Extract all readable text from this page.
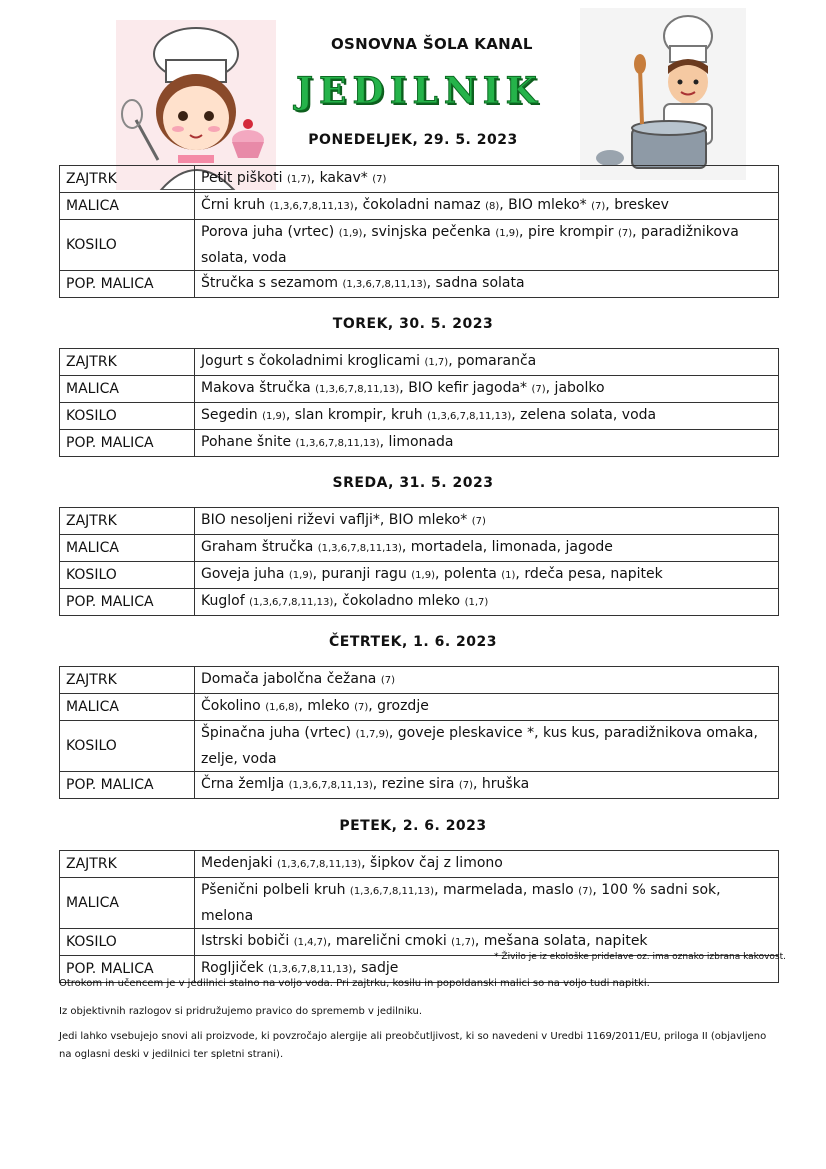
OSNOVNA ŠOLA KANAL
JEDILNIK
PONEDELJEK, 29. 5. 2023
ZAJTRK	Petit piškoti (1,7), kakav* (7)
MALICA	Črni kruh (1,3,6,7,8,11,13), čokoladni namaz (8), BIO mleko* (7), breskev
KOSILO	Porova juha (vrtec) (1,9), svinjska pečenka (1,9), pire krompir (7), paradižnikova solata, voda
POP. MALICA	Štručka s sezamom (1,3,6,7,8,11,13), sadna solata
TOREK, 30. 5. 2023
ZAJTRK	Jogurt s čokoladnimi kroglicami (1,7), pomaranča
MALICA	Makova štručka (1,3,6,7,8,11,13), BIO kefir jagoda* (7), jabolko
KOSILO	Segedin (1,9), slan krompir, kruh (1,3,6,7,8,11,13), zelena solata, voda
POP. MALICA	Pohane šnite (1,3,6,7,8,11,13), limonada
SREDA, 31. 5. 2023
ZAJTRK	BIO nesoljeni riževi vaflji*, BIO mleko* (7)
MALICA	Graham štručka (1,3,6,7,8,11,13), mortadela, limonada, jagode
KOSILO	Goveja juha (1,9), puranji ragu (1,9), polenta (1), rdeča pesa, napitek
POP. MALICA	Kuglof (1,3,6,7,8,11,13), čokoladno mleko (1,7)
ČETRTEK, 1. 6. 2023
ZAJTRK	Domača jabolčna čežana (7)
MALICA	Čokolino (1,6,8), mleko (7), grozdje
KOSILO	Špinačna juha (vrtec) (1,7,9), goveje pleskavice *, kus kus, paradižnikova omaka, zelje, voda
POP. MALICA	Črna žemlja (1,3,6,7,8,11,13), rezine sira (7), hruška
PETEK, 2. 6. 2023
ZAJTRK	Medenjaki (1,3,6,7,8,11,13), šipkov čaj z limono
MALICA	Pšenični polbeli kruh (1,3,6,7,8,11,13), marmelada, maslo (7), 100 % sadni sok, melona
KOSILO	Istrski bobiči (1,4,7), marelični cmoki (1,7), mešana solata, napitek
POP. MALICA	Rogljiček (1,3,6,7,8,11,13), sadje
* Živilo je iz ekološke pridelave oz. ima oznako izbrana kakovost.
Otrokom in učencem je v jedilnici stalno na voljo voda. Pri zajtrku, kosilu in popoldanski malici so na voljo tudi napitki.
Iz objektivnih razlogov si pridružujemo pravico do sprememb v jedilniku.
Jedi lahko vsebujejo snovi ali proizvode, ki povzročajo alergije ali preobčutljivost, ki so navedeni v Uredbi 1169/2011/EU, priloga II (objavljeno na oglasni deski v jedilnici ter spletni strani).
